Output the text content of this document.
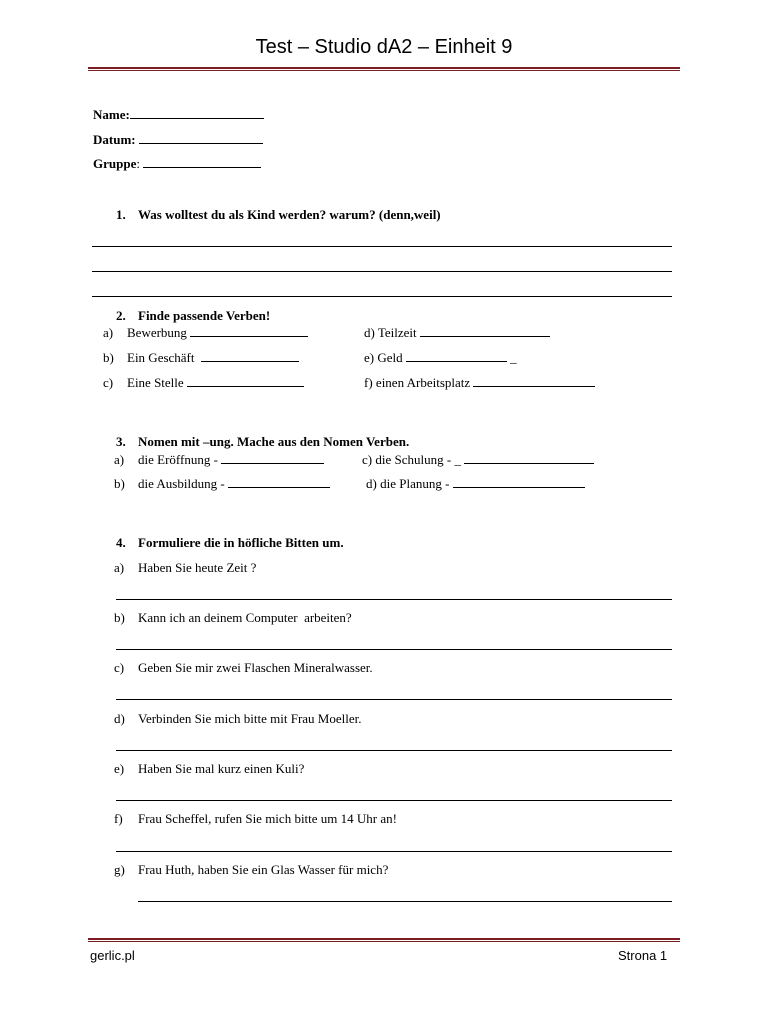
Test – Studio dA2 – Einheit 9
Name:
Datum:
Gruppe:
1. Was wolltest du als Kind werden? warum? (denn,weil)
2. Finde passende Verben!
a) Bewerbung
b) Ein Geschäft
c) Eine Stelle
d) Teilzeit
e) Geld	_
f) einen Arbeitsplatz
3. Nomen mit –ung. Mache aus den Nomen Verben.
a) die Eröffnung -
b) die Ausbildung -
c) die Schulung - _
d) die Planung -
4. Formuliere die in höfliche Bitten um.
a) Haben Sie heute Zeit ?
b) Kann ich an deinem Computer  arbeiten?
c) Geben Sie mir zwei Flaschen Mineralwasser.
d) Verbinden Sie mich bitte mit Frau Moeller.
e) Haben Sie mal kurz einen Kuli?
f) Frau Scheffel, rufen Sie mich bitte um 14 Uhr an!
g) Frau Huth, haben Sie ein Glas Wasser für mich?
gerlic.pl	Strona 1
